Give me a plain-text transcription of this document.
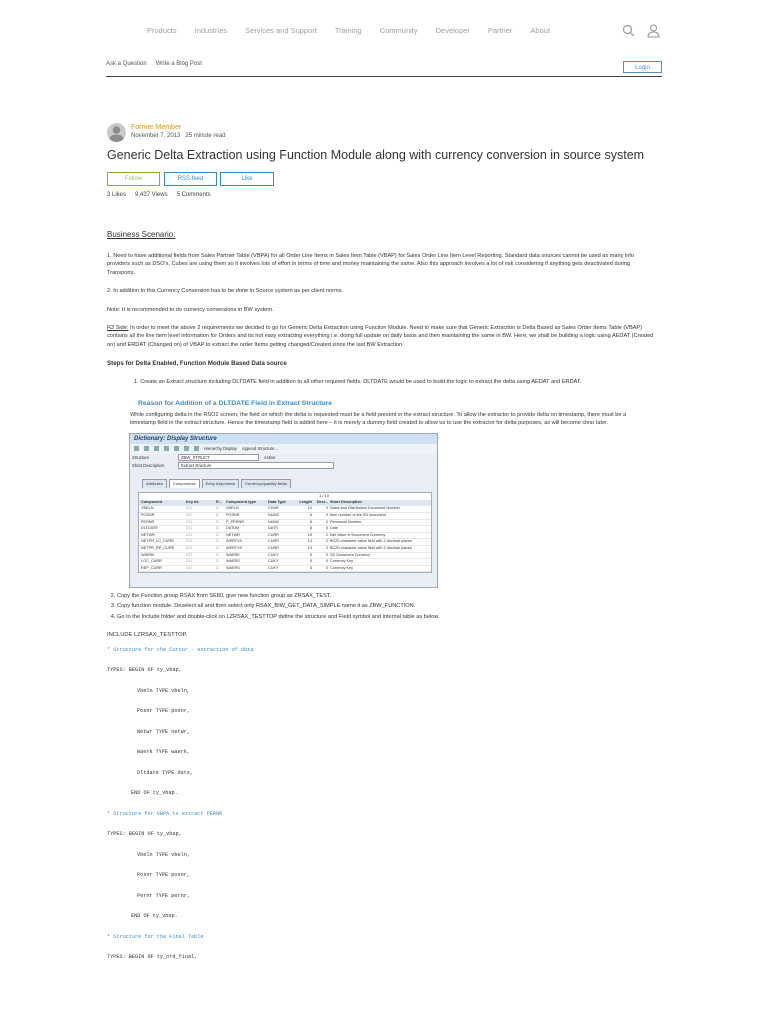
Products Industries Services and Support Training Community Developer Partner About
Ask a Question Write a Blog Post
Login
Former Member
November 7, 2013 25 minute read
Generic Delta Extraction using Function Module along with currency conversion in source system
Follow	RSS feed	Like
3 Likes 9,437 Views 5 Comments

Business Scenario:

1. Need to have additional fields from Sales Partner Table (VBPA) for all Order Line Items in Sales Item Table (VBAP) for Sales Order Line Item Level Reporting. Standard data sources cannot be used as many info providers such as DSO's, Cubes are using them so it involves lots of effort in terms of time and money maintaining the same. Also this approach involves a lot of risk considering if anything gets deactivated during Transports.

2. In addition to this Currency Conversion has to be done in Source system as per client norms.

Note: It is recommended to do currency conversions in BW system.

R3 Side: In order to meet the above 2 requirements we decided to go for Generic Delta Extraction using Function Module. Need to make sure that Generic Extraction is Delta Based as Sales Order Items Table (VBAP) contains all the line item level information for Orders and its not easy extracting everything i.e. doing full update on daily basis and then maintaining the same in BW. Here, we shall be building a logic using AEDAT (Created on) and ERDAT (Changed on) of VBAP to extract the order Items getting changed/Created since the last BW Extraction.

Steps for Delta Enabled, Function Module Based Data source

1. Create an Extract structure including DLTDATE field in addition to all other required fields. DLTDATE would be used to build the logic to extract the delta using AEDAT and ERDAT.

Reason for Addition of a DLTDATE Field in Extract Structure

While configuring delta in the RSO2 screen, the field on which the delta is requested must be a field present in the extract structure. To allow the extractor to provide delta on timestamp, there must be a timestamp field in the extract structure. Hence the timestamp field is added here – it is merely a dummy field created to allow us to use the extractor for delta purposes, as will become clear later.

Dictionary: Display Structure
Hierarchy Display Append Structure...
Structure	ZBW_STRUCT	Active
Short Description	Extract structure
Attributes	Components	Entry help/check	Currency/quantity fields
1 / 10
Component	Key Ini.	R...	Component type	Data Type	Length	Deci... Short Description
VBELN	□ □	□	VBELN	CHAR	10	0 Sales and Distribution Document Number
POSNR	□ □	□	POSNR	NUMC	6	0 Item number of the SD document
PERNR	□ □	□	P_PERNR	NUMC	8	0 Personnel Number
DLTDATE	□ □	□	DATUM	DATS	8	0 Date
NETWR	□ □	□	NETWR	CURR	15	2 Net Value in Document Currency
NETPR_LC_CURR	□ □	□	WERTV9	CURR	13	2 BC20-character value field with 2 decimal places
NETPR_RP_CURR	□ □	□	WERTV9	CURR	13	2 BC20-character value field with 2 decimal places
WAERK	□ □	□	WAERK	CUKY	5	0 SD Document Currency
LOC_CURR	□ □	□	WAERS	CUKY	5	0 Currency Key
REP_CURR	□ □	□	WAERS	CUKY	5	0 Currency Key
2. Copy the Function group RSAX from SE80, give new function group as ZRSAX_TEST.
3. Copy function module. Deselect all and then select only RSAX_BIW_GET_DATA_SIMPLE name it as ZBW_FUNCTION.
4. Go to the Include folder and double-click on LZRSAX_TESTTOP define the structure and Field symbol and internal table as below.

INCLUDE LZRSAX_TESTTOP.

* Structure for the Cursor - extraction of data

TYPES: BEGIN OF ty_vbap,

Vbeln TYPE vbeln,

Posnr TYPE posnr,

Netwr TYPE netwr,

Waerk TYPE waerk,

Dltdate TYPE dats,

END OF ty_vbap.

* Structure for VBPA to extract PERNR

TYPES: BEGIN OF ty_vbap,

Vbeln TYPE vbeln,

Posnr TYPE posnr,

Pernr TYPE pernr,

END OF ty_vbap.

* Structure for the Final Table

TYPES: BEGIN OF ty_ord_final,
